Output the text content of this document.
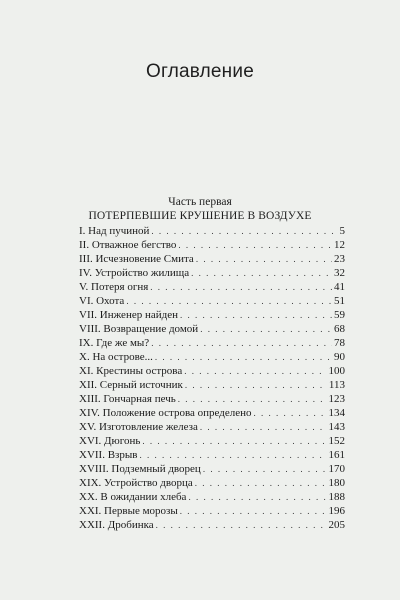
Оглавление
Часть первая
ПОТЕРПЕВШИЕ КРУШЕНИЕ В ВОЗДУХЕ
I. Над пучиной . . .	5
II. Отважное бегство . . .	12
III. Исчезновение Смита . . .	23
IV. Устройство жилища . . .	32
V. Потеря огня . . .	41
VI. Охота . . .	51
VII. Инженер найден . . .	59
VIII. Возвращение домой . . .	68
IX. Где же мы? . . .	78
X. На острове... . . .	90
XI. Крестины острова . . .	100
XII. Серный источник . . .	113
XIII. Гончарная печь . . .	123
XIV. Положение острова определено . . .	134
XV. Изготовление железа . . .	143
XVI. Дюгонь . . .	152
XVII. Взрыв . . .	161
XVIII. Подземный дворец . . .	170
XIX. Устройство дворца . . .	180
XX. В ожидании хлеба . . .	188
XXI. Первые морозы . . .	196
XXII. Дробинка . . .	205
